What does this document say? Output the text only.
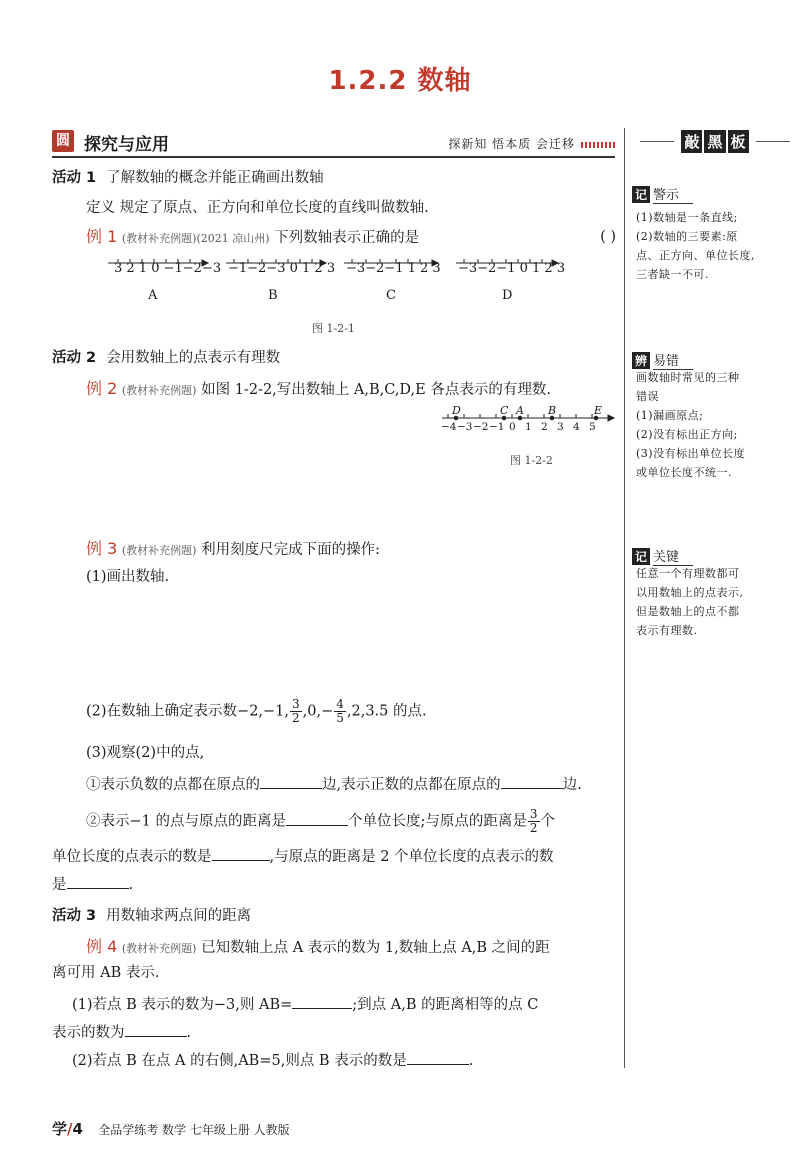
1.2.2 数轴
圆 探究与应用	探新知 悟本质 会迁移
活动 1 了解数轴的概念并能正确画出数轴
定义 规定了原点、正方向和单位长度的直线叫做数轴.
例 1 (教材补充例题)(2021 凉山州) 下列数轴表示正确的是	( )
3 2 1 0 −1−2−3 −1−2−3 0 1 2 3 −3−2−1 1 2 3 −3−2−1 0 1 2 3
A	B	C	D
图 1-2-1
活动 2 会用数轴上的点表示有理数
例 2 (教材补充例题) 如图 1-2-2,写出数轴上 A,B,C,D,E 各点表示的有理数.
D	C A B	E
−4 −3 −2 −1 0 1 2 3 4 5
图 1-2-2
例 3 (教材补充例题) 利用刻度尺完成下面的操作:
(1)画出数轴.
(2)在数轴上确定表示数−2,−1, $\frac{3}{2} ,0,- \frac{4}{5} ,2,3.5$ 的点.
(3)观察(2)中的点,
①表示负数的点都在原点的	边,表示正数的点都在原点的	边.
②表示−1 的点与原点的距离是	个单位长度;与原点的距离是 $\frac{3}{2}$ 个
单位长度的点表示的数是	,与原点的距离是 2 个单位长度的点表示的数
是	.
活动 3 用数轴求两点间的距离
例 4 (教材补充例题) 已知数轴上点 A 表示的数为 1,数轴上点 A,B 之间的距
离可用 AB 表示.
(1)若点 B 表示的数为−3,则 AB=	;到点 A,B 的距离相等的点 C
表示的数为	.
(2)若点 B 在点 A 的右侧,AB=5,则点 B 表示的数是	.
敲 黑 板
记 警示
(1)数轴是一条直线;
(2)数轴的三要素:原
点、正方向、单位长度,
三者缺一不可.
辨 易错
画数轴时常见的三种
错误
(1)漏画原点;
(2)没有标出正方向;
(3)没有标出单位长度
或单位长度不统一.
记 关键
任意一个有理数都可
以用数轴上的点表示,
但是数轴上的点不都
表示有理数.
学/4 全品学练考 数学 七年级上册 人教版
